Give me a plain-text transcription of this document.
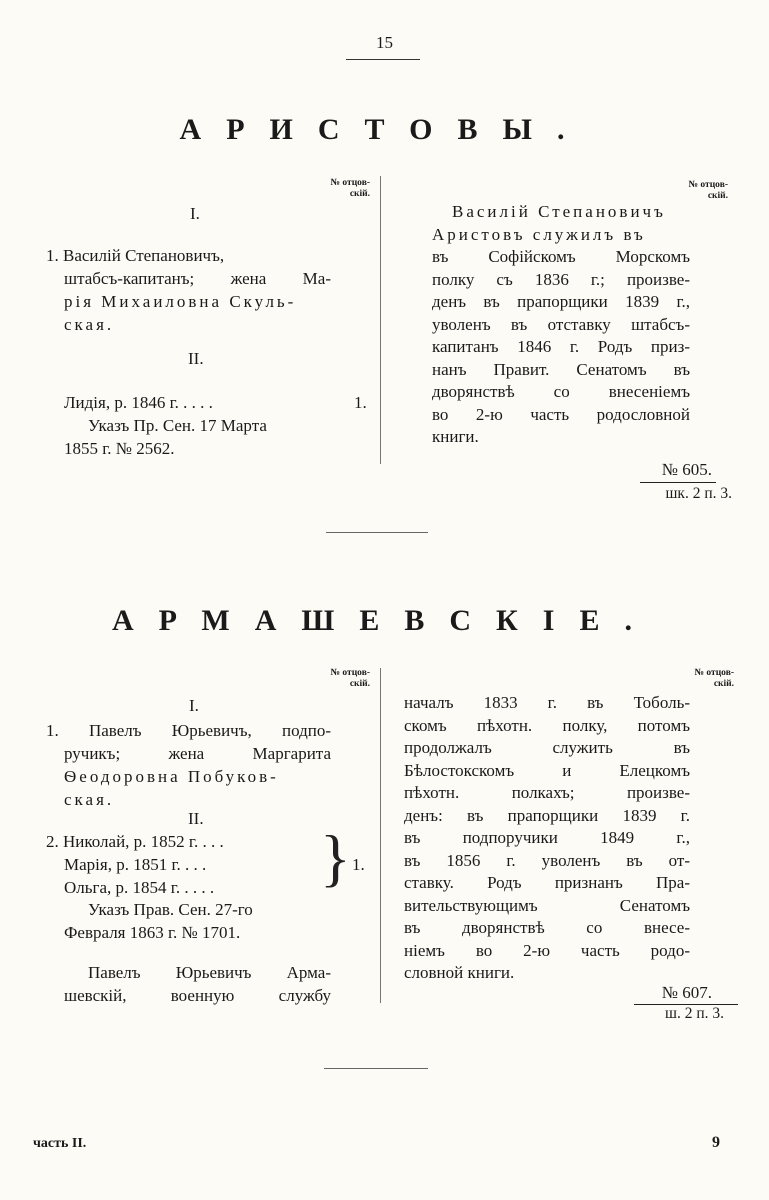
15
АРИСТОВЫ.
№ отцов-
скій.
№ отцов-
скій.
I.
1. Василій Степановичъ,
штабсъ-капитанъ; жена Ма-
рія Михаиловна Скуль-
ская.
II.
Лидія, р. 1846 г. . . . .	1.
Указъ Пр. Сен. 17 Марта
1855 г. № 2562.
Василій Степановичъ
Аристовъ служилъ въ
въ Софійскомъ Морскомъ
полку съ 1836 г.; произве-
денъ въ прапорщики 1839 г.,
уволенъ въ отставку штабсъ-
капитанъ 1846 г. Родъ приз-
нанъ Правит. Сенатомъ въ
дворянствѣ со внесеніемъ
во 2-ю часть родословной
книги.
№ 605.
шк. 2 п. 3.
АРМАШЕВСКІЕ.
№ отцов-
скій.
№ отцов-
скій.
I.
1. Павелъ Юрьевичъ, подпо-
ручикъ; жена Маргарита
Ѳеодоровна Побуков-
ская.
II.
2. Николай, р. 1852 г. . . .
Марія, р. 1851 г. . . .
Ольга, р. 1854 г. . . . . } 1.
Указъ Прав. Сен. 27-го
Февраля 1863 г. № 1701.
Павелъ Юрьевичъ Арма-
шевскій, военную службу
началъ 1833 г. въ Тоболь-
скомъ пѣхотн. полку, потомъ
продолжалъ служить въ
Бѣлостокскомъ и Елецкомъ
пѣхотн. полкахъ; произве-
денъ: въ прапорщики 1839 г.
въ подпоручики 1849 г.,
въ 1856 г. уволенъ въ от-
ставку. Родъ признанъ Пра-
вительствующимъ Сенатомъ
въ дворянствѣ со внесе-
ніемъ во 2-ю часть родо-
словной книги.
№ 607.
ш. 2 п. 3.
часть II.	9
